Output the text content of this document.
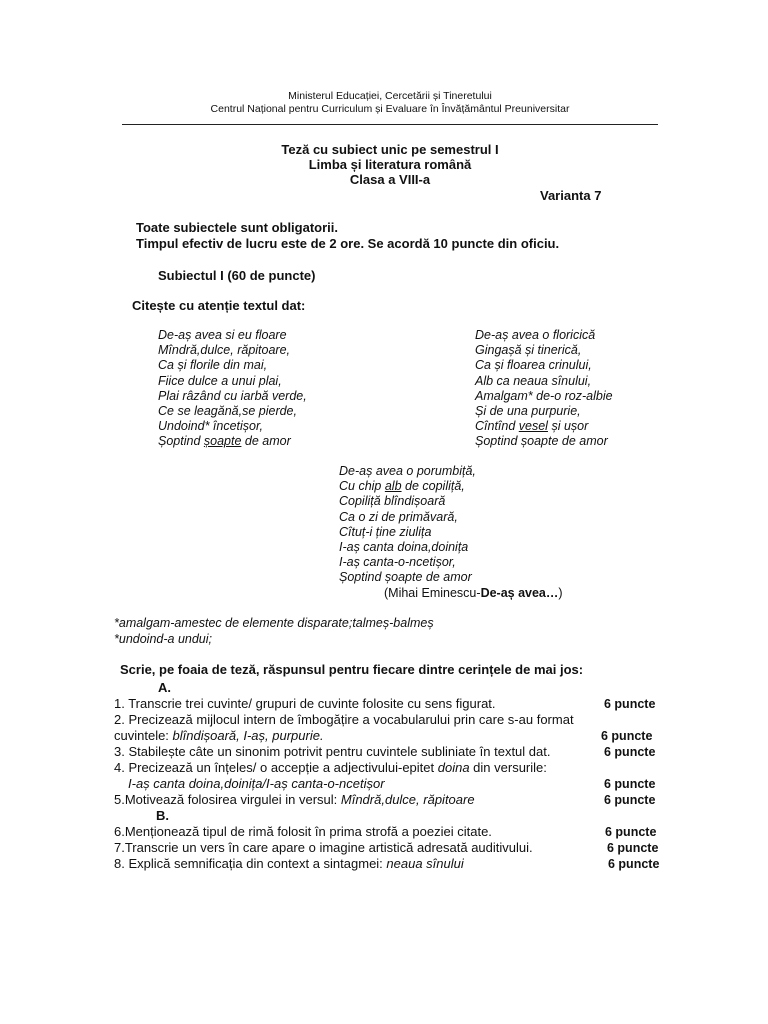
Ministerul Educației, Cercetării și Tineretului
Centrul Național pentru Curriculum și Evaluare în Învățământul Preuniversitar
Teză cu subiect unic pe semestrul I
Limba și literatura română
Clasa a VIII-a
Varianta 7
Toate subiectele sunt obligatorii.
Timpul efectiv de lucru este de 2 ore. Se acordă 10 puncte din oficiu.
Subiectul I (60 de puncte)
Citește cu atenție textul dat:
De-aș avea si eu floare
Mîndră,dulce, răpitoare,
Ca și florile din mai,
Fiice dulce a unui plai,
Plai râzând cu iarbă verde,
Ce se leagănă,se pierde,
Undoind* încetișor,
Șoptind șoapte de amor
De-aș avea o floricică
Gingașă și tinerică,
Ca și floarea crinului,
Alb ca neaua sînului,
Amalgam* de-o roz-albie
Și de una purpurie,
Cîntînd vesel și ușor
Șoptind șoapte de amor
De-aș avea o porumbiță,
Cu chip alb de copiliță,
Copiliță blîndișoară
Ca o zi de primăvară,
Cîtuț-i ține ziulița
I-aș canta doina,doinița
I-aș canta-o-ncetișor,
Șoptind șoapte de amor
(Mihai Eminescu-De-aș avea…)
*amalgam-amestec de elemente disparate;talmeș-balmeș
*undoind-a undui;
Scrie, pe foaia de teză, răspunsul pentru fiecare dintre cerințele de mai jos:
A.
1. Transcrie trei cuvinte/ grupuri de cuvinte folosite cu sens figurat.	6 puncte
2. Precizează mijlocul intern de îmbogățire a vocabularului prin care s-au format
cuvintele: blîndișoară, I-aș, purpurie.	6 puncte
3. Stabilește câte un sinonim potrivit pentru cuvintele subliniate în textul dat.	6 puncte
4. Precizează un înțeles/ o accepție a adjectivului-epitet doina din versurile:
I-aș canta doina,doinița/I-aș canta-o-ncetișor	6 puncte
5.Motivează folosirea virgulei in versul: Mîndră,dulce, răpitoare	6 puncte
B.
6.Menționează tipul de rimă folosit în prima strofă a poeziei citate.	6 puncte
7.Transcrie un vers în care apare o imagine artistică adresată auditivului.	6 puncte
8. Explică semnificația din context a sintagmei: neaua sînului	6 puncte
